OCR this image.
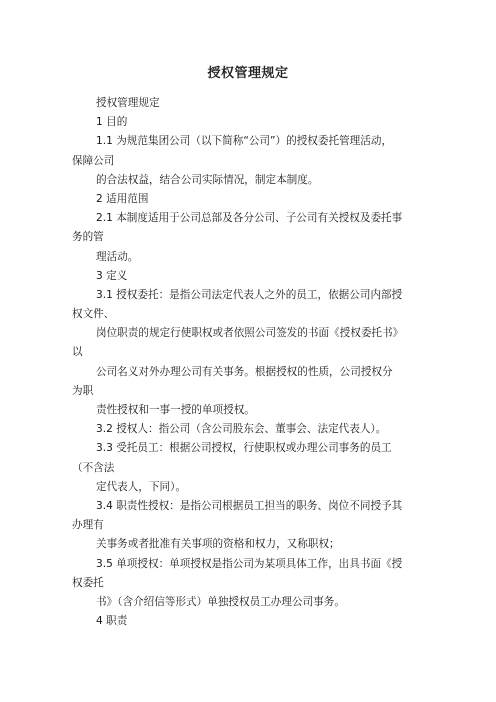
授权管理规定
授权管理规定
1 目的
1.1 为规范集团公司（以下简称“公司”）的授权委托管理活动，
保障公司
的合法权益，结合公司实际情况，制定本制度。
2 适用范围
2.1 本制度适用于公司总部及各分公司、子公司有关授权及委托事
务的管
理活动。
3 定义
3.1 授权委托：是指公司法定代表人之外的员工，依据公司内部授
权文件、
岗位职责的规定行使职权或者依照公司签发的书面《授权委托书》
以
公司名义对外办理公司有关事务。根据授权的性质，公司授权分
为职
责性授权和一事一授的单项授权。
3.2 授权人：指公司（含公司股东会、董事会、法定代表人）。
3.3 受托员工：根据公司授权，行使职权或办理公司事务的员工
（不含法
定代表人，下同）。
3.4 职责性授权：是指公司根据员工担当的职务、岗位不同授予其
办理有
关事务或者批准有关事项的资格和权力，又称职权；
3.5 单项授权：单项授权是指公司为某项具体工作，出具书面《授
权委托
书》（含介绍信等形式）单独授权员工办理公司事务。
4 职责
